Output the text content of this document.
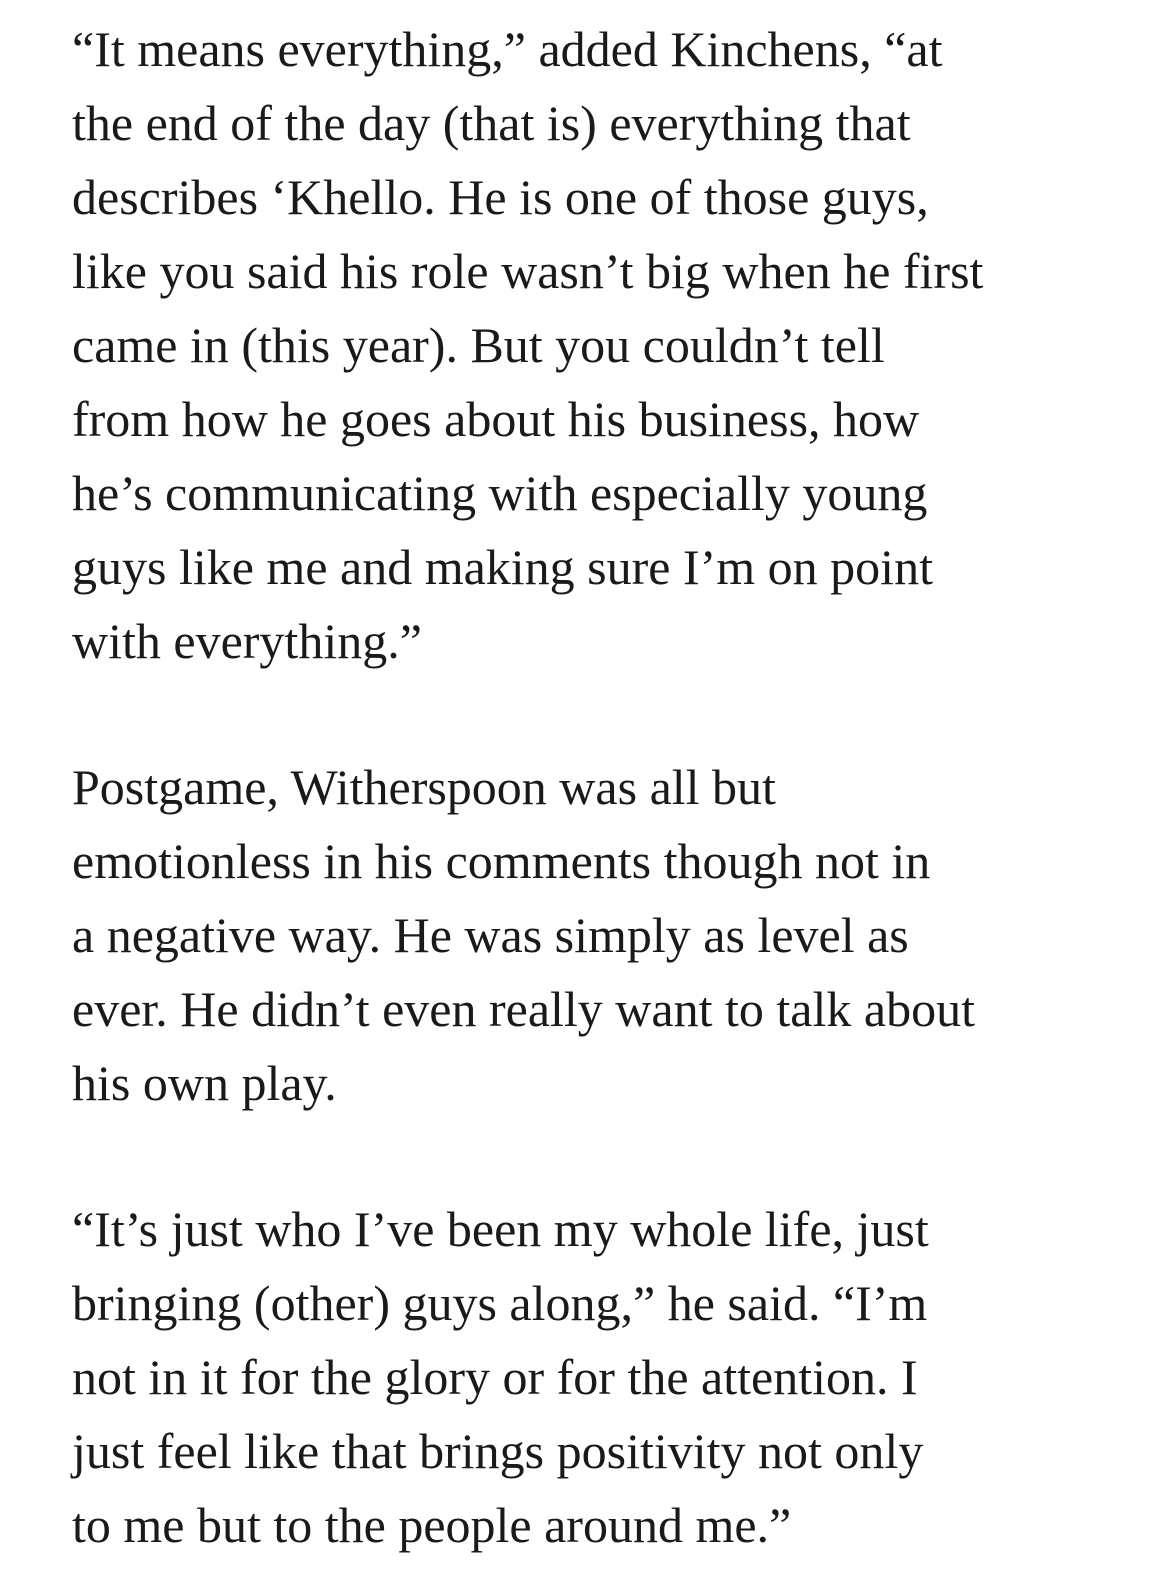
“It means everything,” added Kinchens, “at
the end of the day (that is) everything that
describes ‘Khello. He is one of those guys,
like you said his role wasn’t big when he first
came in (this year). But you couldn’t tell
from how he goes about his business, how
he’s communicating with especially young
guys like me and making sure I’m on point
with everything.”

Postgame, Witherspoon was all but
emotionless in his comments though not in
a negative way. He was simply as level as
ever. He didn’t even really want to talk about
his own play.

“It’s just who I’ve been my whole life, just
bringing (other) guys along,” he said. “I’m
not in it for the glory or for the attention. I
just feel like that brings positivity not only
to me but to the people around me.”
